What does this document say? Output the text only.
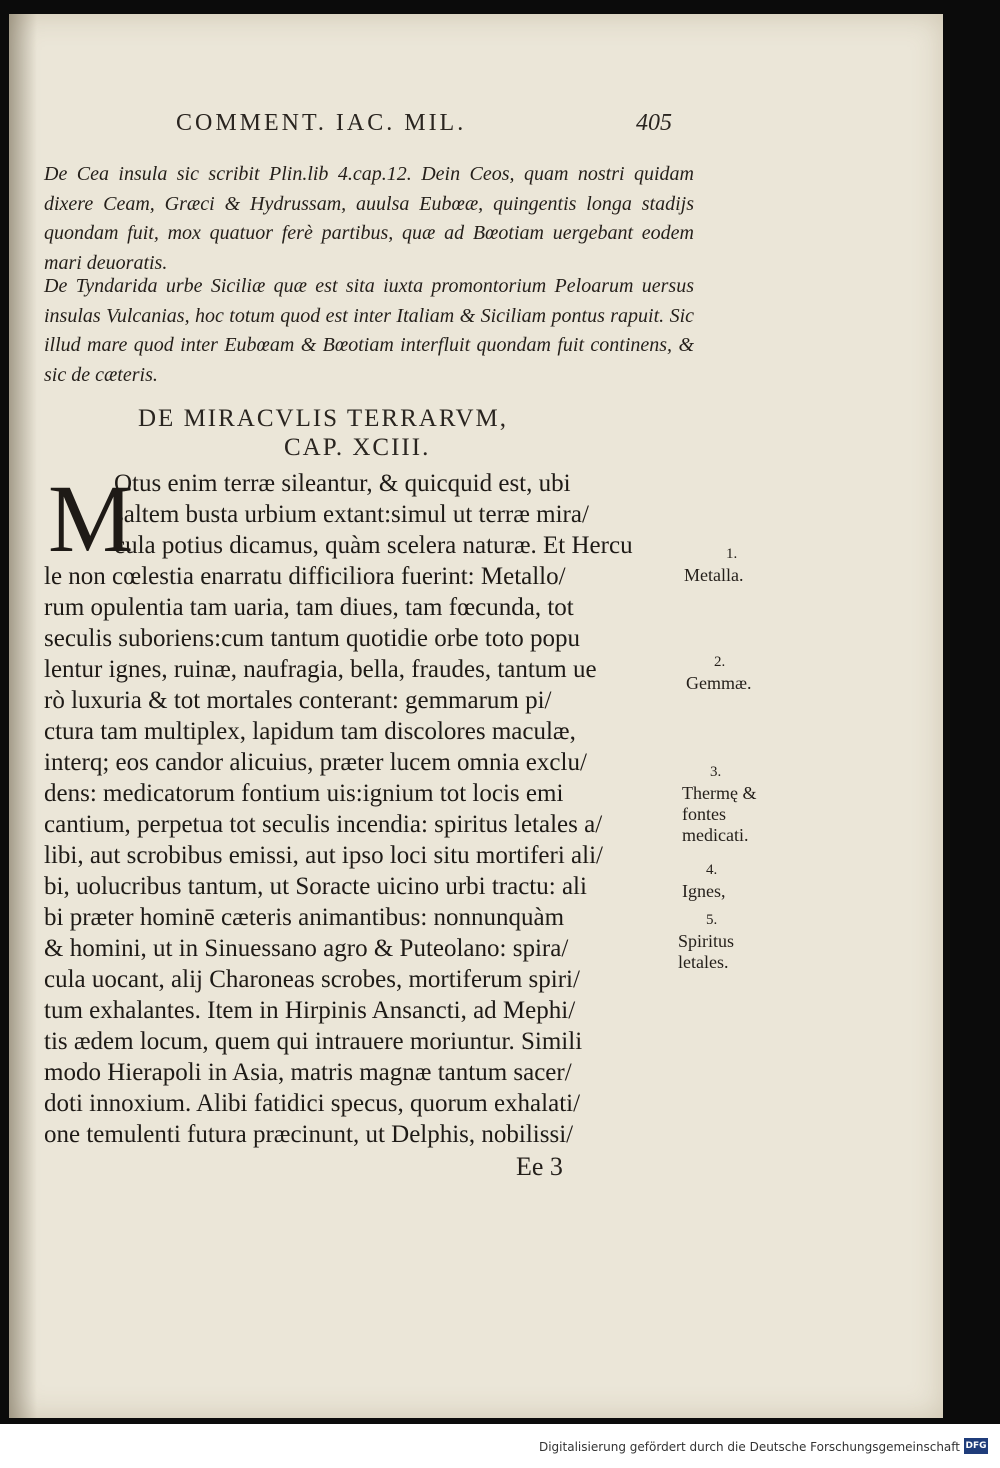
COMMENT. IAC. MIL.	405

De Cea insula sic scribit Plin.lib 4.cap.12. Dein Ceos, quam nostri quidam dixere Ceam, Græci & Hydrussam, auulsa Eubœæ, quingentis longa stadijs quondam fuit, mox quatuor ferè partibus, quæ ad Bœotiam uergebant eodem mari deuoratis.

De Tyndarida urbe Siciliæ quæ est sita iuxta promontorium Peloarum uersus insulas Vulcanias, hoc totum quod est inter Italiam & Siciliam pontus rapuit. Sic illud mare quod inter Eubœam & Bœotiam interfluit quondam fuit continens, & sic de cæteris.

DE MIRACVLIS TERRARVM,
CAP. XCIII.
M

Otus enim terræ sileantur, & quicquid est, ubi
saltem busta urbium extant:simul ut terræ mira/
cula potius dicamus, quàm scelera naturæ. Et Hercu
le non cœlestia enarratu difficiliora fuerint: Metallo/
rum opulentia tam uaria, tam diues, tam fœcunda, tot
seculis suboriens:cum tantum quotidie orbe toto popu
lentur ignes, ruinæ, naufragia, bella, fraudes, tantum ue
rò luxuria & tot mortales conterant: gemmarum pi/
ctura tam multiplex, lapidum tam discolores maculæ,
interq; eos candor alicuius, præter lucem omnia exclu/
dens: medicatorum fontium uis:ignium tot locis emi
cantium, perpetua tot seculis incendia: spiritus letales a/
libi, aut scrobibus emissi, aut ipso loci situ mortiferi ali/
bi, uolucribus tantum, ut Soracte uicino urbi tractu: ali
bi præter hominē cæteris animantibus: nonnunquàm
& homini, ut in Sinuessano agro & Puteolano: spira/
cula uocant, alij Charoneas scrobes, mortiferum spiri/
tum exhalantes. Item in Hirpinis Ansancti, ad Mephi/
tis ædem locum, quem qui intrauere moriuntur. Simili
modo Hierapoli in Asia, matris magnæ tantum sacer/
doti innoxium. Alibi fatidici specus, quorum exhalati/
one temulenti futura præcinunt, ut Delphis, nobilissi/

1.
Metalla.
2.
Gemmæ.
3.
Thermę & fontes medicati.
4.
Ignes,
5.
Spiritus letales.
Ee 3
Digitalisierung gefördert durch die Deutsche Forschungsgemeinschaft DFG
